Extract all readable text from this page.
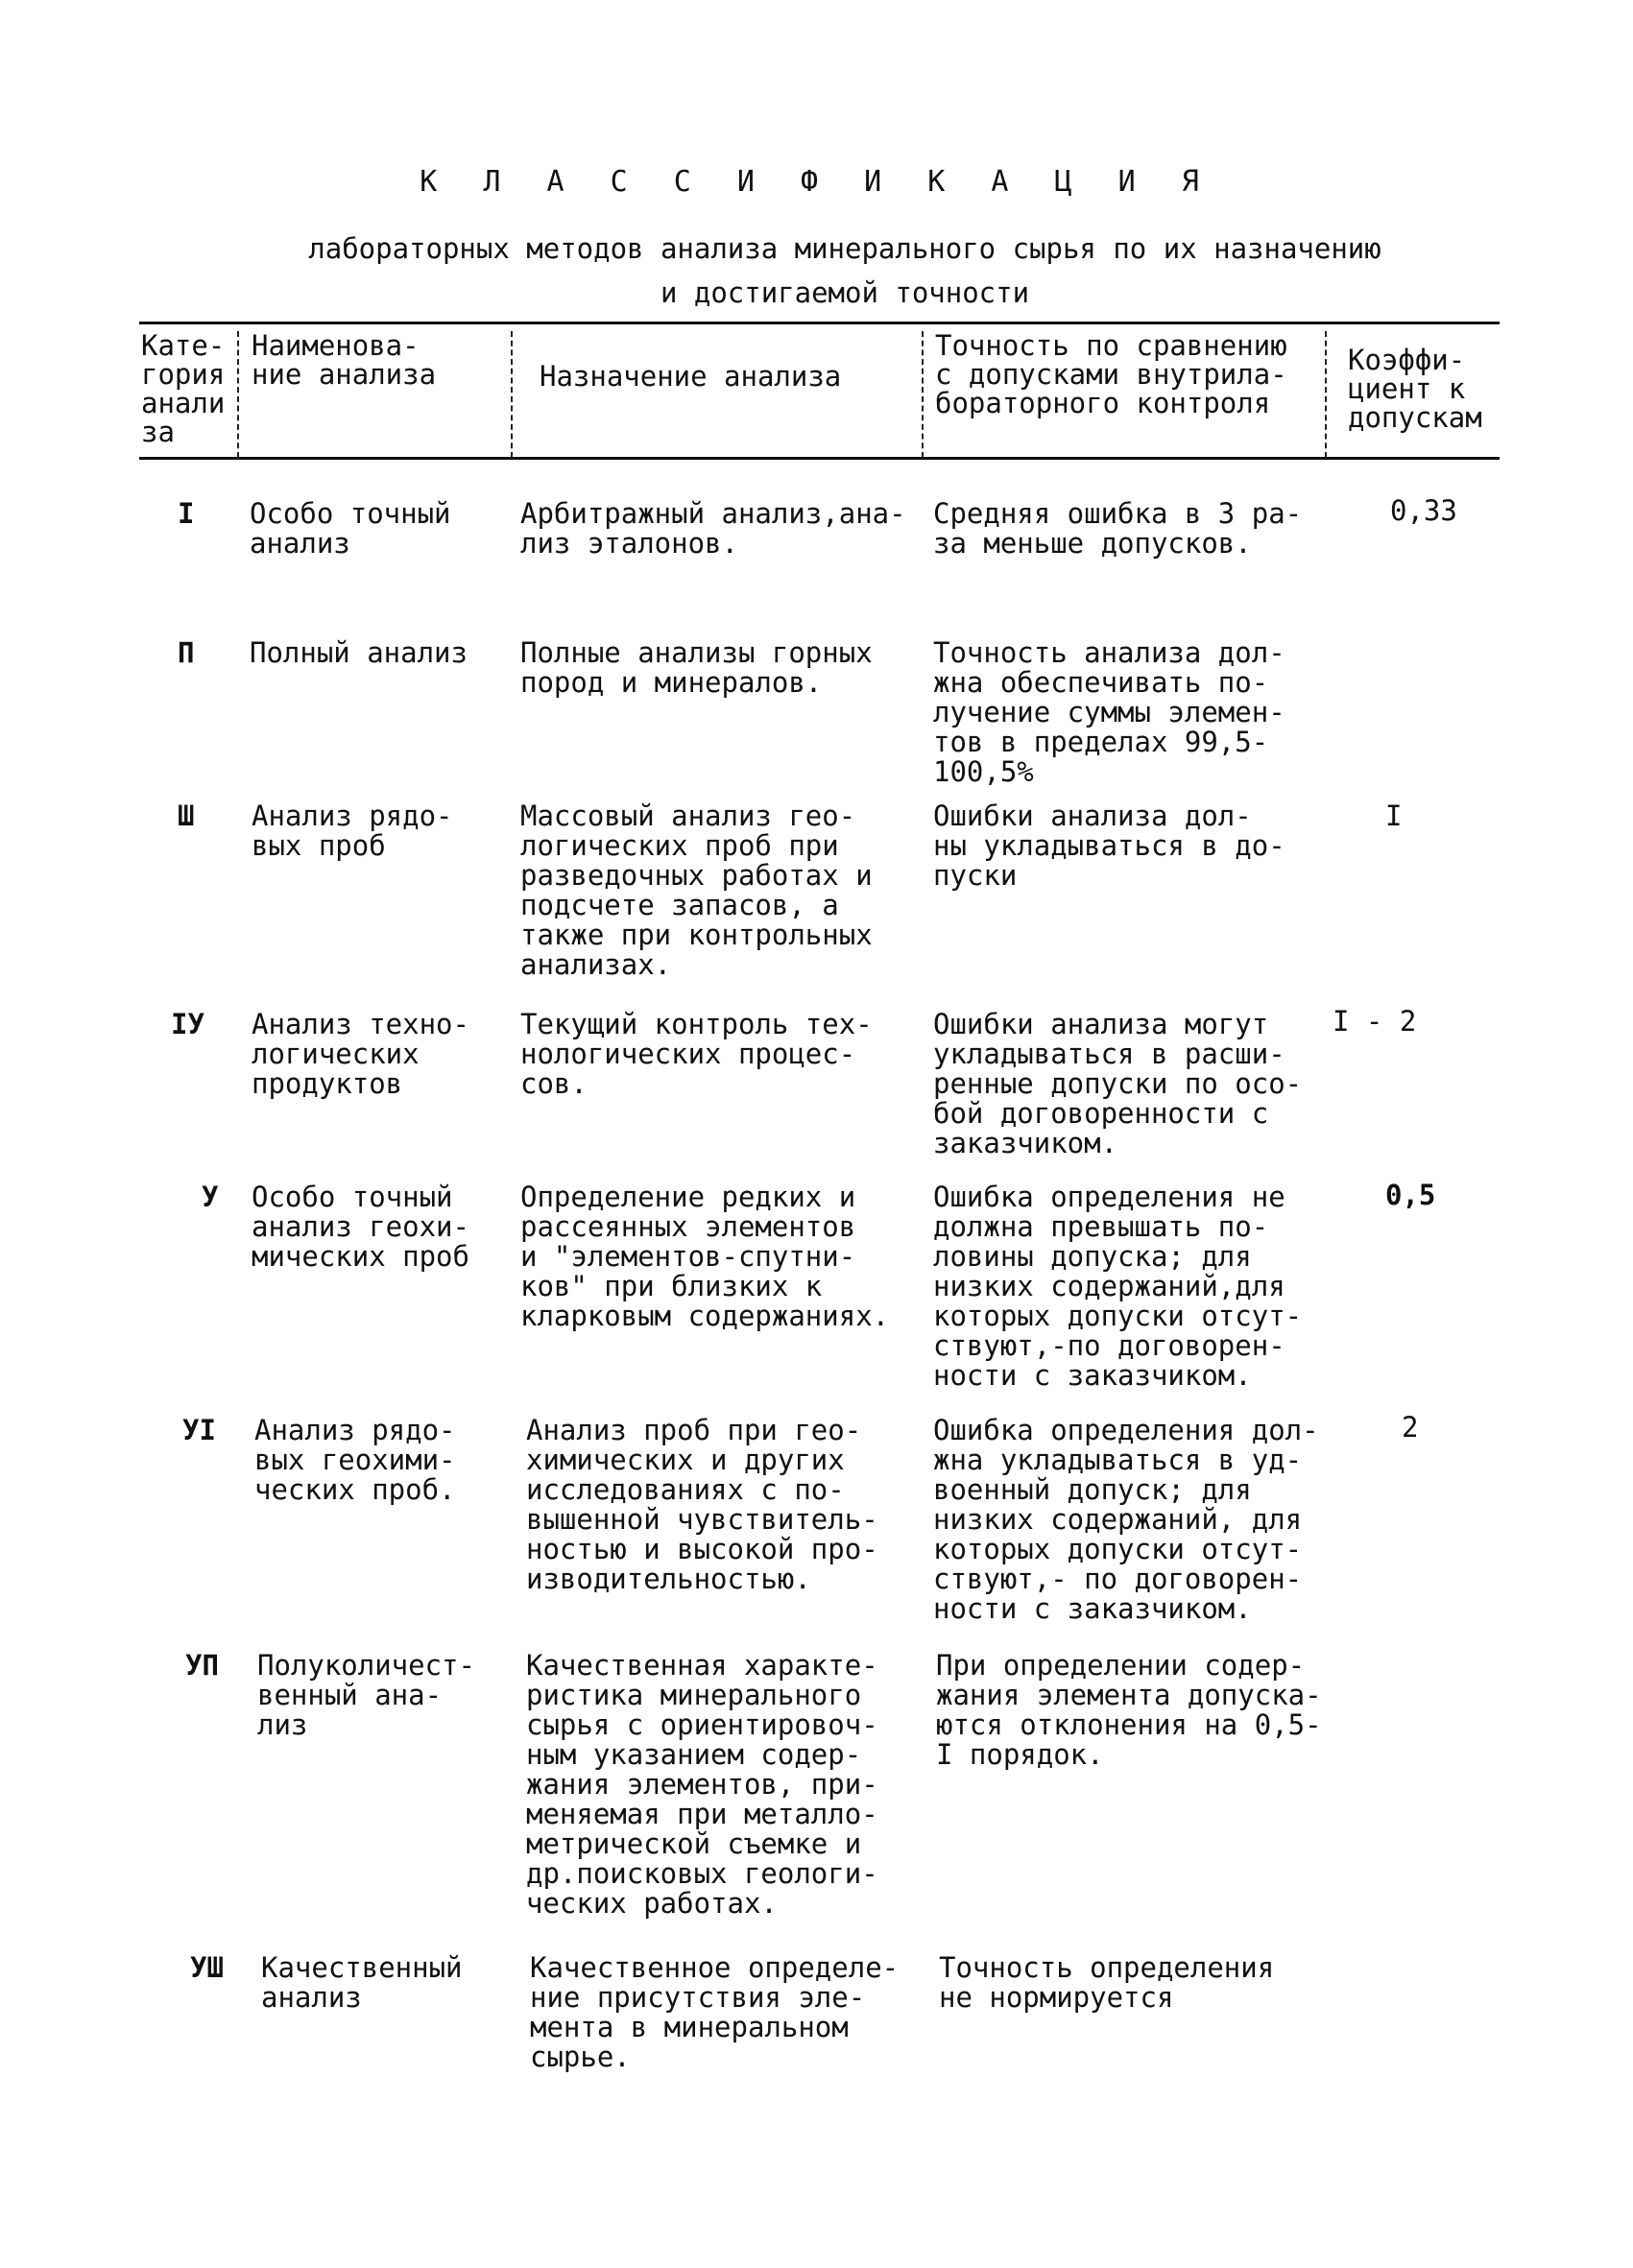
К Л А С С И Ф И К А Ц И Я
лабораторных методов анализа минерального сырья по их назначению
и достигаемой точности
Кате-
гория
анали
за
Наименова-
ние анализа	Назначение анализа
Точность по сравнению
с допусками внутрила-
бораторного контроля
Коэффи-
циент к
допускам
I Особо точный
анализ
Арбитражный анализ,ана-
лиз эталонов.
Средняя ошибка в 3 ра-
за меньше допусков.
0,33
П Полный анализ Полные анализы горных
пород и минералов.
Точность анализа дол-
жна обеспечивать по-
лучение суммы элемен-
тов в пределах 99,5-
100,5%
Ш Анализ рядо-
вых проб
Массовый анализ гео-
логических проб при
разведочных работах и
подсчете запасов, а
также при контрольных
анализах.
Ошибки анализа дол-
ны укладываться в до-
пуски
I
IУ Анализ техно-
логических
продуктов
Текущий контроль тех-
нологических процес-
сов.
Ошибки анализа могут
укладываться в расши-
ренные допуски по осо-
бой договоренности с
заказчиком.
I - 2
У Особо точный
анализ геохи-
мических проб
Определение редких и
рассеянных элементов
и "элементов-спутни-
ков" при близких к
кларковым содержаниях.
Ошибка определения не
должна превышать по-
ловины допуска; для
низких содержаний,для
которых допуски отсут-
ствуют,-по договорен-
ности с заказчиком.
0,5
УI Анализ рядо-
вых геохими-
ческих проб.
Анализ проб при гео-
химических и других
исследованиях с по-
вышенной чувствитель-
ностью и высокой про-
изводительностью.
Ошибка определения дол-
жна укладываться в уд-
военный допуск; для
низких содержаний, для
которых допуски отсут-
ствуют,- по договорен-
ности с заказчиком.
2
УП Полуколичест-
венный ана-
лиз
Качественная характе-
ристика минерального
сырья с ориентировоч-
ным указанием содер-
жания элементов, при-
меняемая при металло-
метрической съемке и
др.поисковых геологи-
ческих работах.
При определении содер-
жания элемента допуска-
ются отклонения на 0,5-
I порядок.
УШ Качественный
анализ
Качественное определе-
ние присутствия эле-
мента в минеральном
сырье.
Точность определения
не нормируется
